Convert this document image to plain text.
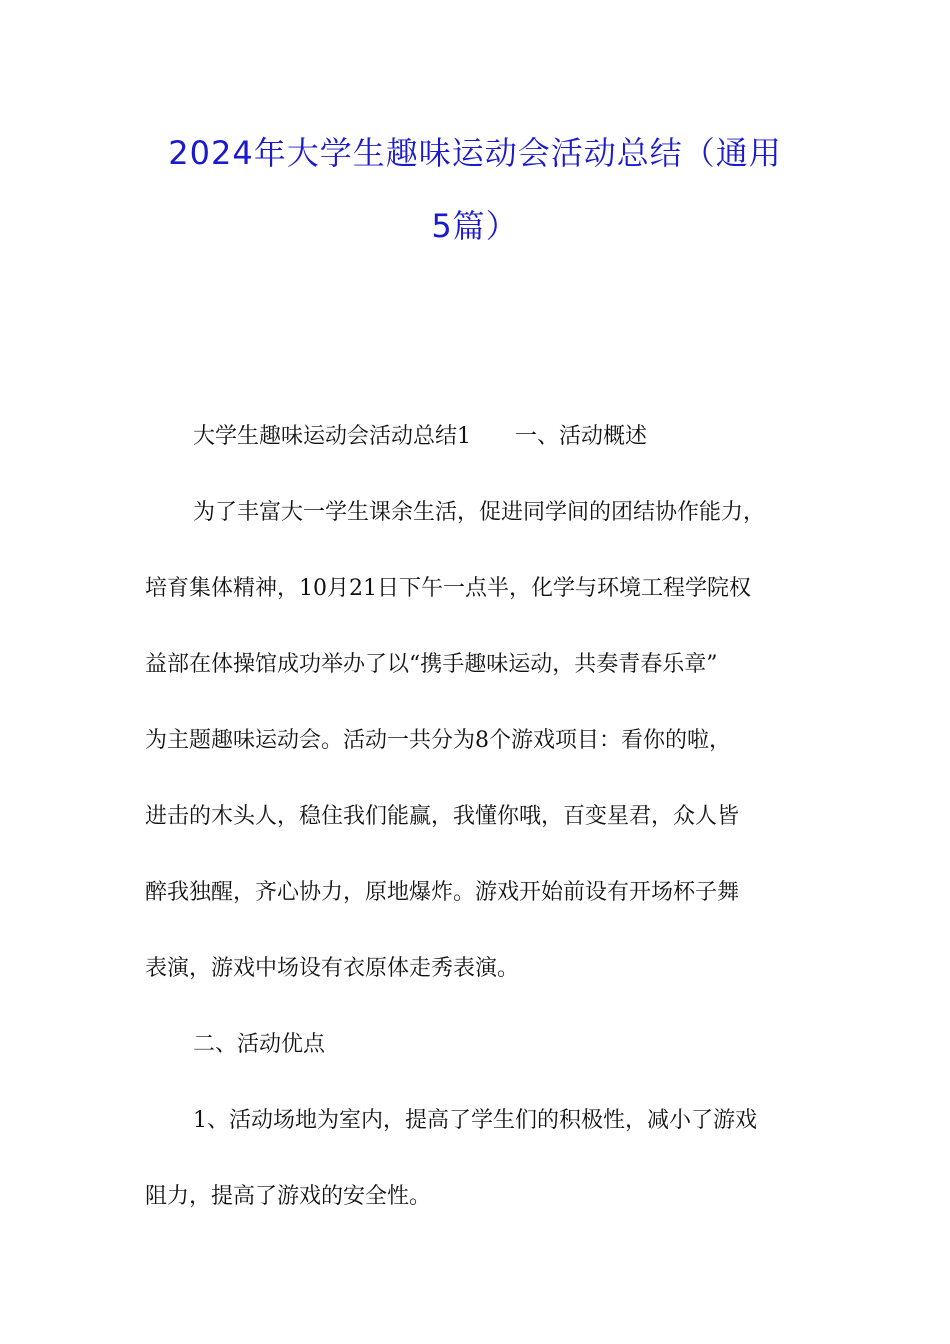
2024年大学生趣味运动会活动总结（通用
5篇）
大学生趣味运动会活动总结1 一、活动概述
为了丰富大一学生课余生活，促进同学间的团结协作能力，
培育集体精神，10月21日下午一点半，化学与环境工程学院权
益部在体操馆成功举办了以“携手趣味运动，共奏青春乐章”
为主题趣味运动会。活动一共分为8个游戏项目：看你的啦，
进击的木头人，稳住我们能赢，我懂你哦，百变星君，众人皆
醉我独醒，齐心协力，原地爆炸。游戏开始前设有开场杯子舞
表演，游戏中场设有衣原体走秀表演。
二、活动优点
1、活动场地为室内，提高了学生们的积极性，减小了游戏
阻力，提高了游戏的安全性。
